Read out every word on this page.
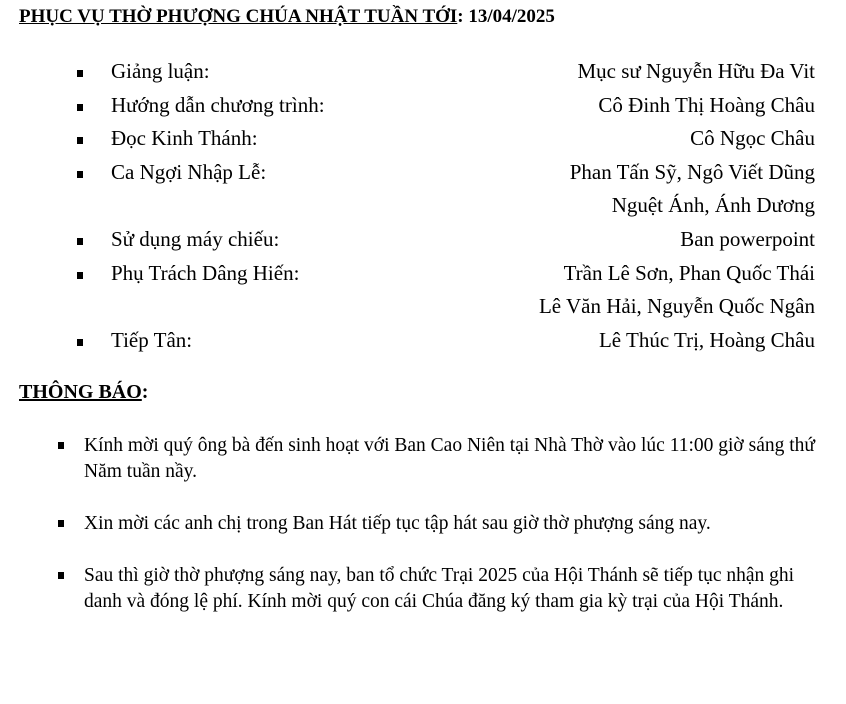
PHỤC VỤ THỜ PHƯỢNG CHÚA NHẬT TUẦN TỚI: 13/04/2025
Giảng luận:	Mục sư Nguyễn Hữu Đa Vit
Hướng dẫn chương trình:	Cô Đinh Thị Hoàng Châu
Đọc Kinh Thánh:	Cô Ngọc Châu
Ca Ngợi Nhập Lễ:	Phan Tấn Sỹ, Ngô Viết Dũng
Nguệt Ánh, Ánh Dương
Sử dụng máy chiếu:	Ban powerpoint
Phụ Trách Dâng Hiến:	Trần Lê Sơn, Phan Quốc Thái
Lê Văn Hải, Nguyễn Quốc Ngân
Tiếp Tân:	Lê Thúc Trị, Hoàng Châu
THÔNG BÁO:
Kính mời quý ông bà đến sinh hoạt với Ban Cao Niên tại Nhà Thờ vào lúc 11:00 giờ sáng thứ Năm tuần nầy.
Xin mời các anh chị trong Ban Hát tiếp tục tập hát sau giờ thờ phượng sáng nay.
Sau thì giờ thờ phượng sáng nay, ban tổ chức Trại 2025 của Hội Thánh sẽ tiếp tục nhận ghi danh và đóng lệ phí. Kính mời quý con cái Chúa đăng ký tham gia kỳ trại của Hội Thánh.
